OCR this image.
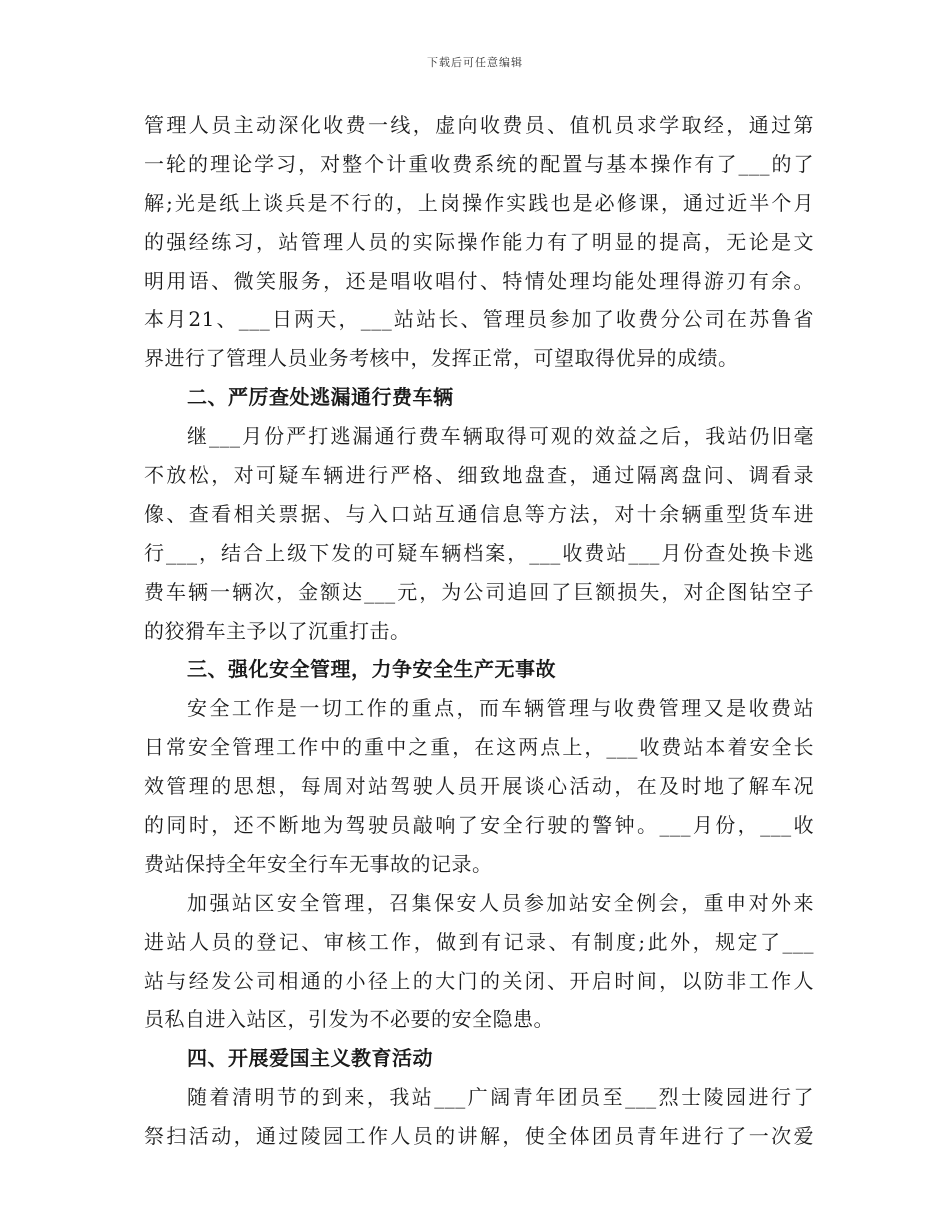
下载后可任意编辑
管理人员主动深化收费一线，虚向收费员、值机员求学取经，通过第
一轮的理论学习，对整个计重收费系统的配置与基本操作有了___的了
解;光是纸上谈兵是不行的，上岗操作实践也是必修课，通过近半个月
的强经练习，站管理人员的实际操作能力有了明显的提高，无论是文
明用语、微笑服务，还是唱收唱付、特情处理均能处理得游刃有余。
本月21、___日两天，___站站长、管理员参加了收费分公司在苏鲁省
界进行了管理人员业务考核中，发挥正常，可望取得优异的成绩。
二、严厉查处逃漏通行费车辆
继___月份严打逃漏通行费车辆取得可观的效益之后，我站仍旧毫
不放松，对可疑车辆进行严格、细致地盘查，通过隔离盘问、调看录
像、查看相关票据、与入口站互通信息等方法，对十余辆重型货车进
行___，结合上级下发的可疑车辆档案，___收费站___月份查处换卡逃
费车辆一辆次，金额达___元，为公司追回了巨额损失，对企图钻空子
的狡猾车主予以了沉重打击。
三、强化安全管理，力争安全生产无事故
安全工作是一切工作的重点，而车辆管理与收费管理又是收费站
日常安全管理工作中的重中之重，在这两点上，___收费站本着安全长
效管理的思想，每周对站驾驶人员开展谈心活动，在及时地了解车况
的同时，还不断地为驾驶员敲响了安全行驶的警钟。___月份，___收
费站保持全年安全行车无事故的记录。
加强站区安全管理，召集保安人员参加站安全例会，重申对外来
进站人员的登记、审核工作，做到有记录、有制度;此外，规定了___
站与经发公司相通的小径上的大门的关闭、开启时间，以防非工作人
员私自进入站区，引发为不必要的安全隐患。
四、开展爱国主义教育活动
随着清明节的到来，我站___广阔青年团员至___烈士陵园进行了
祭扫活动，通过陵园工作人员的讲解，使全体团员青年进行了一次爱
